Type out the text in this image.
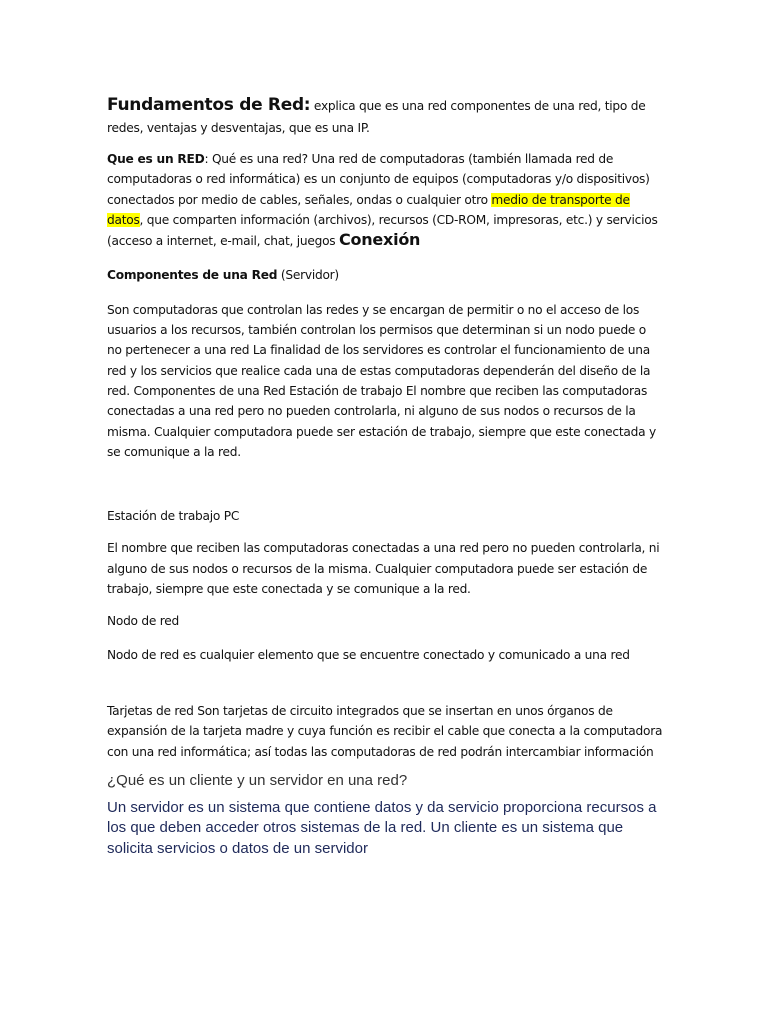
Fundamentos de Red: explica que es una red componentes de una red, tipo de redes, ventajas y desventajas, que es una IP.

Que es un RED: Qué es una red? Una red de computadoras (también llamada red de computadoras o red informática) es un conjunto de equipos (computadoras y/o dispositivos) conectados por medio de cables, señales, ondas o cualquier otro medio de transporte de datos, que comparten información (archivos), recursos (CD-ROM, impresoras, etc.) y servicios (acceso a internet, e-mail, chat, juegos Conexión

Componentes de una Red (Servidor)

Son computadoras que controlan las redes y se encargan de permitir o no el acceso de los usuarios a los recursos, también controlan los permisos que determinan si un nodo puede o no pertenecer a una red La finalidad de los servidores es controlar el funcionamiento de una red y los servicios que realice cada una de estas computadoras dependerán del diseño de la red. Componentes de una Red Estación de trabajo El nombre que reciben las computadoras conectadas a una red pero no pueden controlarla, ni alguno de sus nodos o recursos de la misma. Cualquier computadora puede ser estación de trabajo, siempre que este conectada y se comunique a la red.

Estación de trabajo PC

El nombre que reciben las computadoras conectadas a una red pero no pueden controlarla, ni alguno de sus nodos o recursos de la misma. Cualquier computadora puede ser estación de trabajo, siempre que este conectada y se comunique a la red.

Nodo de red

Nodo de red es cualquier elemento que se encuentre conectado y comunicado a una red

Tarjetas de red Son tarjetas de circuito integrados que se insertan en unos órganos de expansión de la tarjeta madre y cuya función es recibir el cable que conecta a la computadora con una red informática; así todas las computadoras de red podrán intercambiar información

¿Qué es un cliente y un servidor en una red?

Un servidor es un sistema que contiene datos y da servicio proporciona recursos a los que deben acceder otros sistemas de la red. Un cliente es un sistema que solicita servicios o datos de un servidor
